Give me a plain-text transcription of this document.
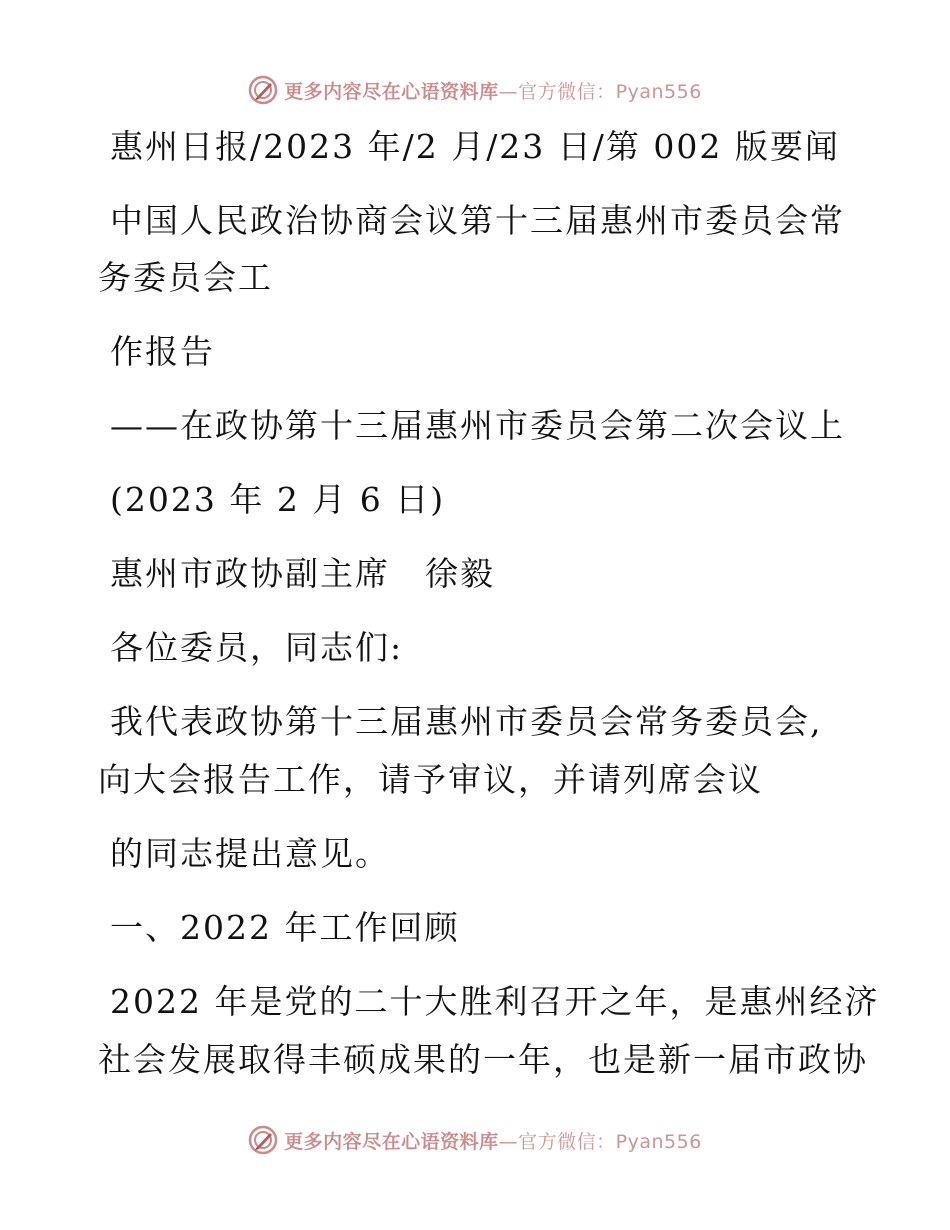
更多内容尽在心语资料库—官方微信：Pyan556
惠州日报/2023 年/2 月/23 日/第 002 版要闻
中国人民政治协商会议第十三届惠州市委员会常
务委员会工
作报告
——在政协第十三届惠州市委员会第二次会议上
(2023 年 2 月 6 日)
惠州市政协副主席　徐毅
各位委员，同志们:
我代表政协第十三届惠州市委员会常务委员会,
向大会报告工作，请予审议，并请列席会议
的同志提出意见。
一、2022 年工作回顾
2022 年是党的二十大胜利召开之年，是惠州经济
社会发展取得丰硕成果的一年，也是新一届市政协
更多内容尽在心语资料库—官方微信：Pyan556
